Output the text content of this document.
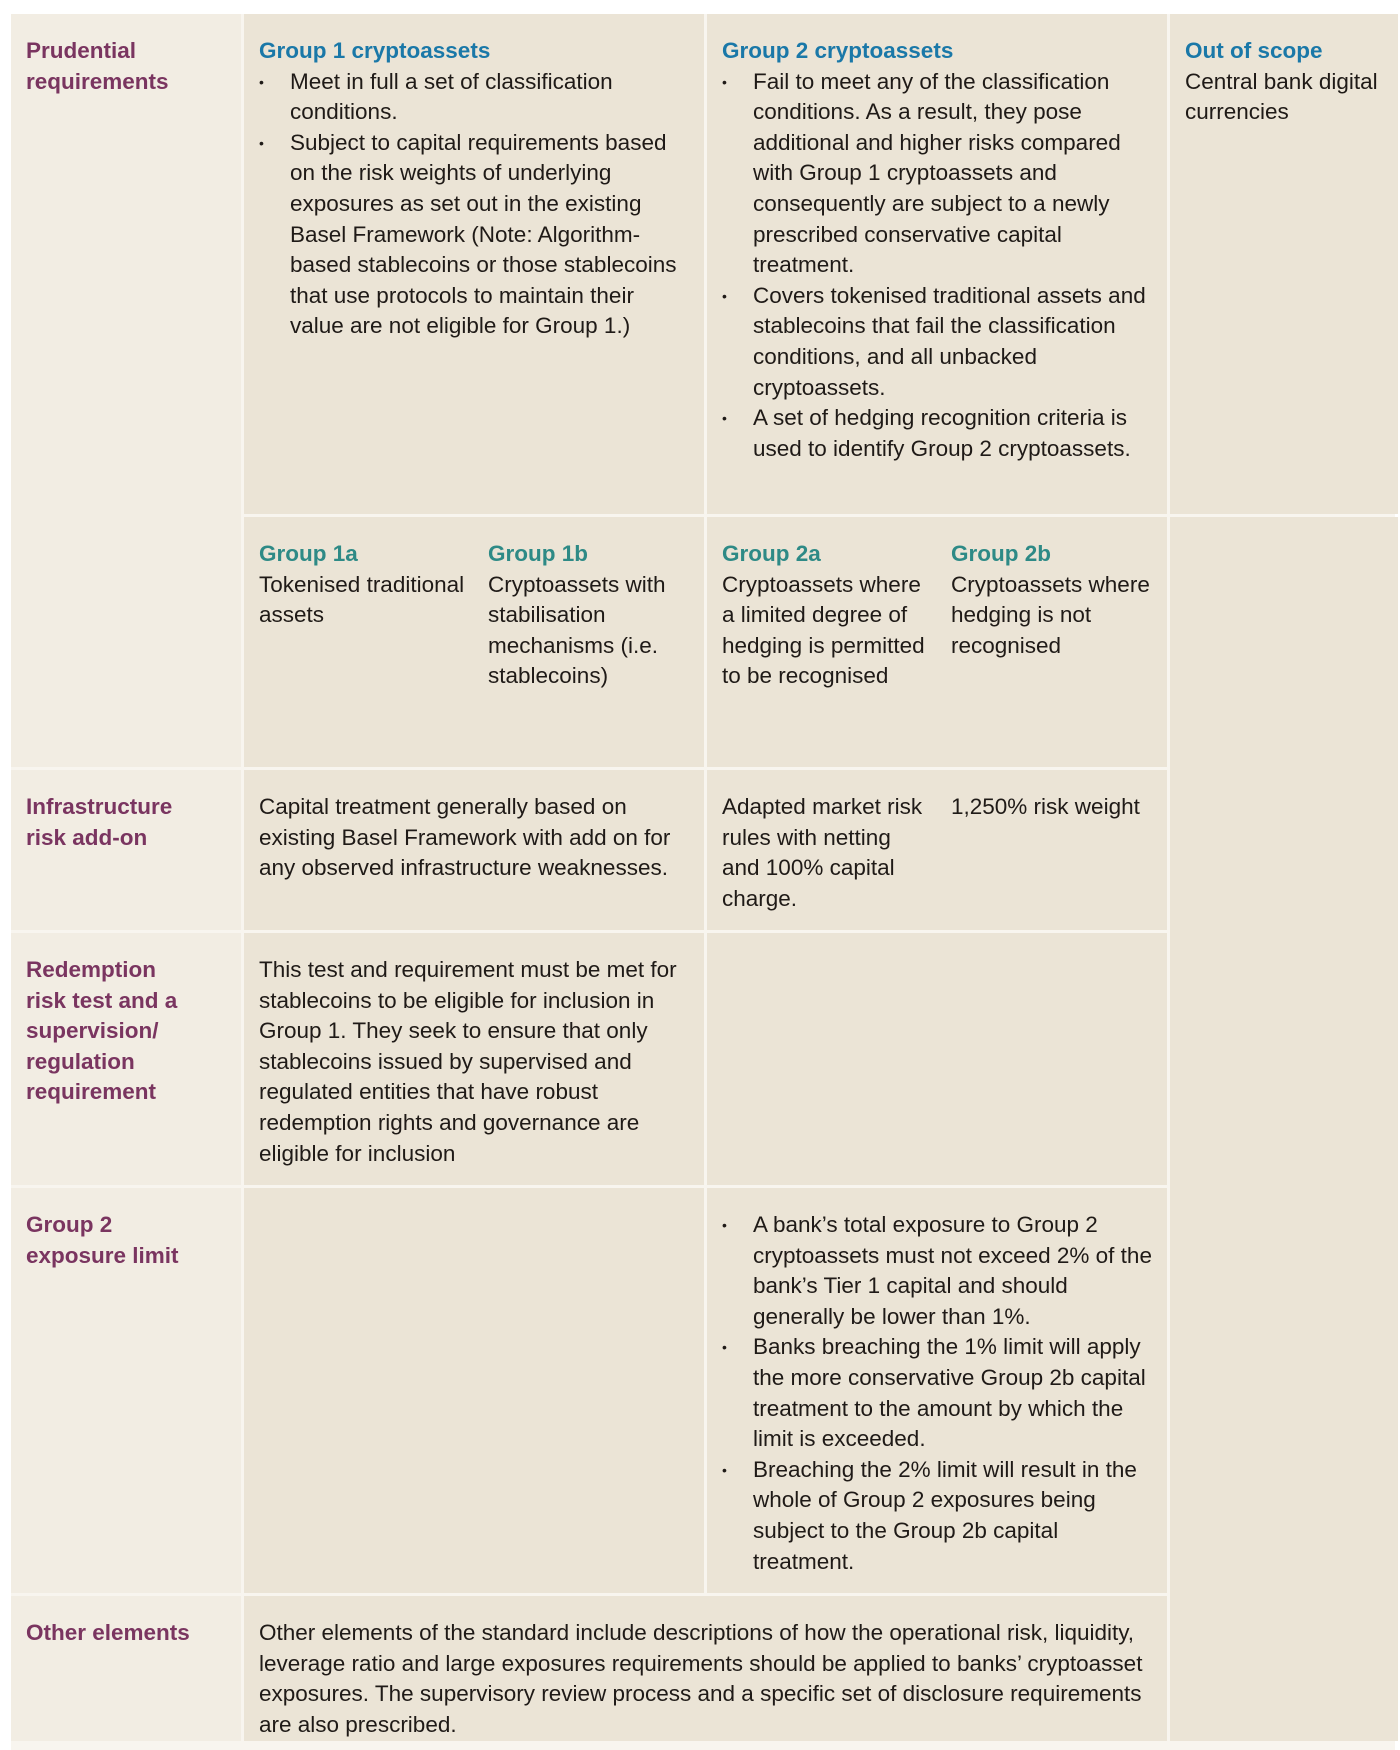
Prudential requirements
Group 1 cryptoassets
• Meet in full a set of classification conditions.
• Subject to capital requirements based on the risk weights of underlying exposures as set out in the existing Basel Framework (Note: Algorithm-based stablecoins or those stablecoins that use protocols to maintain their value are not eligible for Group 1.)
Group 2 cryptoassets
• Fail to meet any of the classification conditions. As a result, they pose additional and higher risks compared with Group 1 cryptoassets and consequently are subject to a newly prescribed conservative capital treatment.
• Covers tokenised traditional assets and stablecoins that fail the classification conditions, and all unbacked cryptoassets.
• A set of hedging recognition criteria is used to identify Group 2 cryptoassets.
Out of scope
Central bank digital currencies
Group 1a
Tokenised traditional assets
Group 1b
Cryptoassets with stabilisation mechanisms (i.e. stablecoins)
Group 2a
Cryptoassets where a limited degree of hedging is permitted to be recognised
Group 2b
Cryptoassets where hedging is not recognised
Infrastructure risk add-on
Capital treatment generally based on existing Basel Framework with add on for any observed infrastructure weaknesses.
Adapted market risk rules with netting and 100% capital charge.
1,250% risk weight
Redemption risk test and a supervision/ regulation requirement
This test and requirement must be met for stablecoins to be eligible for inclusion in Group 1. They seek to ensure that only stablecoins issued by supervised and regulated entities that have robust redemption rights and governance are eligible for inclusion
Group 2 exposure limit
• A bank’s total exposure to Group 2 cryptoassets must not exceed 2% of the bank’s Tier 1 capital and should generally be lower than 1%.
• Banks breaching the 1% limit will apply the more conservative Group 2b capital treatment to the amount by which the limit is exceeded.
• Breaching the 2% limit will result in the whole of Group 2 exposures being subject to the Group 2b capital treatment.
Other elements	Other elements of the standard include descriptions of how the operational risk, liquidity, leverage ratio and large exposures requirements should be applied to banks’ cryptoasset exposures. The supervisory review process and a specific set of disclosure requirements are also prescribed.
